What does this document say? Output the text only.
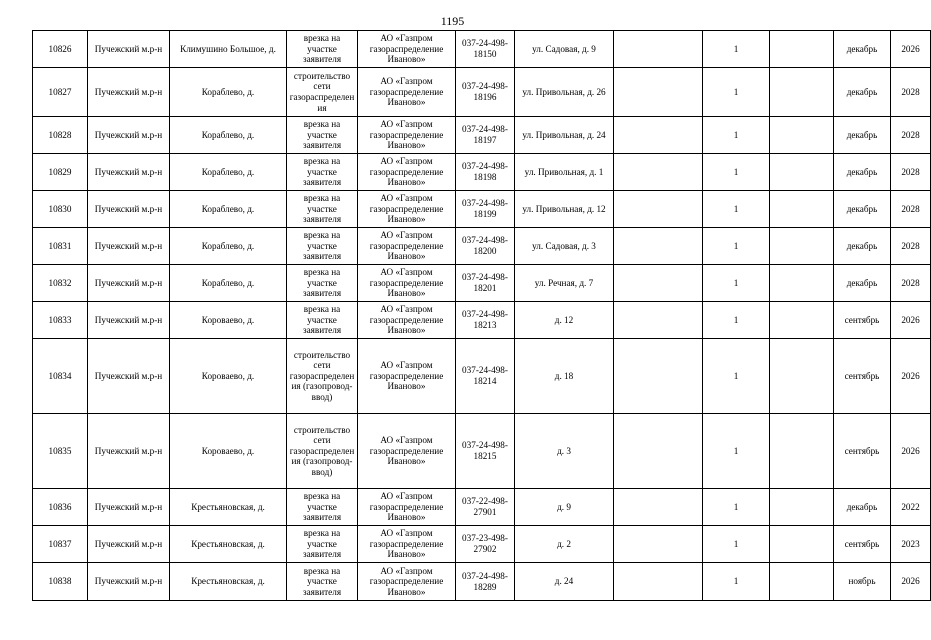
1195
10826	Пучежский м.р-н	Климушино Большое, д.	врезка на участке заявителя	АО «Газпром газораспределение Иваново»	037-24-498-18150	ул. Садовая, д. 9		1		декабрь	2026

10827	Пучежский м.р-н	Кораблево, д.	строительство сети газораспределения	АО «Газпром газораспределение Иваново»	037-24-498-18196	ул. Привольная, д. 26		1		декабрь	2028

10828	Пучежский м.р-н	Кораблево, д.	врезка на участке заявителя	АО «Газпром газораспределение Иваново»	037-24-498-18197	ул. Привольная, д. 24		1		декабрь	2028

10829	Пучежский м.р-н	Кораблево, д.	врезка на участке заявителя	АО «Газпром газораспределение Иваново»	037-24-498-18198	ул. Привольная, д. 1		1		декабрь	2028

10830	Пучежский м.р-н	Кораблево, д.	врезка на участке заявителя	АО «Газпром газораспределение Иваново»	037-24-498-18199	ул. Привольная, д. 12		1		декабрь	2028

10831	Пучежский м.р-н	Кораблево, д.	врезка на участке заявителя	АО «Газпром газораспределение Иваново»	037-24-498-18200	ул. Садовая, д. 3		1		декабрь	2028

10832	Пучежский м.р-н	Кораблево, д.	врезка на участке заявителя	АО «Газпром газораспределение Иваново»	037-24-498-18201	ул. Речная, д. 7		1		декабрь	2028

10833	Пучежский м.р-н	Коровaево, д.	врезка на участке заявителя	АО «Газпром газораспределение Иваново»	037-24-498-18213	д. 12		1		сентябрь	2026

10834	Пучежский м.р-н	Коровaево, д.	строительство сети газораспределения (газопровод-ввод)	АО «Газпром газораспределение Иваново»	037-24-498-18214	д. 18		1		сентябрь	2026

10835	Пучежский м.р-н	Коровaево, д.	строительство сети газораспределения (газопровод-ввод)	АО «Газпром газораспределение Иваново»	037-24-498-18215	д. 3		1		сентябрь	2026

10836	Пучежский м.р-н	Крестьяновская, д.	врезка на участке заявителя	АО «Газпром газораспределение Иваново»	037-22-498-27901	д. 9		1		декабрь	2022

10837	Пучежский м.р-н	Крестьяновская, д.	врезка на участке заявителя	АО «Газпром газораспределение Иваново»	037-23-498-27902	д. 2		1		сентябрь	2023

10838	Пучежский м.р-н	Крестьяновская, д.	врезка на участке заявителя	АО «Газпром газораспределение Иваново»	037-24-498-18289	д. 24		1		ноябрь	2026
